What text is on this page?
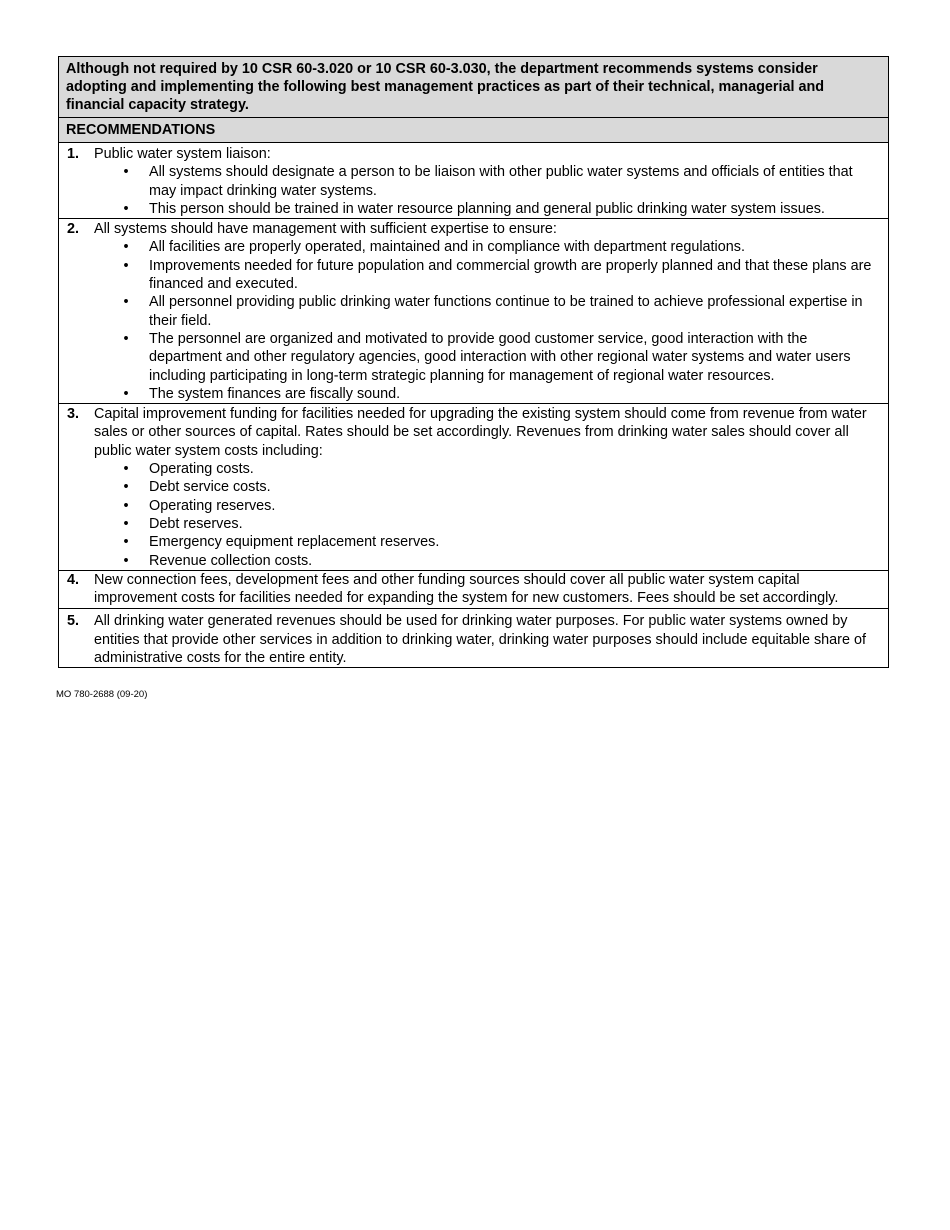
Although not required by 10 CSR 60-3.020 or 10 CSR 60-3.030, the department recommends systems consider adopting and implementing the following best management practices as part of their technical, managerial and financial capacity strategy.
RECOMMENDATIONS
1.	Public water system liaison:

• All systems should designate a person to be liaison with other public water systems and officials of entities that may impact drinking water systems.
• This person should be trained in water resource planning and general public drinking water system issues.
2.	All systems should have management with sufficient expertise to ensure:

• All facilities are properly operated, maintained and in compliance with department regulations.
• Improvements needed for future population and commercial growth are properly planned and that these plans are financed and executed.
• All personnel providing public drinking water functions continue to be trained to achieve professional expertise in their field.
• The personnel are organized and motivated to provide good customer service, good interaction with the department and other regulatory agencies, good interaction with other regional water systems and water users including participating in long-term strategic planning for management of regional water resources.
• The system finances are fiscally sound.
3.	Capital improvement funding for facilities needed for upgrading the existing system should come from revenue from water sales or other sources of capital. Rates should be set accordingly. Revenues from drinking water sales should cover all public water system costs including:

• Operating costs.
• Debt service costs.
• Operating reserves.
• Debt reserves.
• Emergency equipment replacement reserves.
• Revenue collection costs.
4.	New connection fees, development fees and other funding sources should cover all public water system capital improvement costs for facilities needed for expanding the system for new customers. Fees should be set accordingly.

5.	All drinking water generated revenues should be used for drinking water purposes. For public water systems owned by entities that provide other services in addition to drinking water, drinking water purposes should include equitable share of administrative costs for the entire entity.

MO 780-2688 (09-20)
